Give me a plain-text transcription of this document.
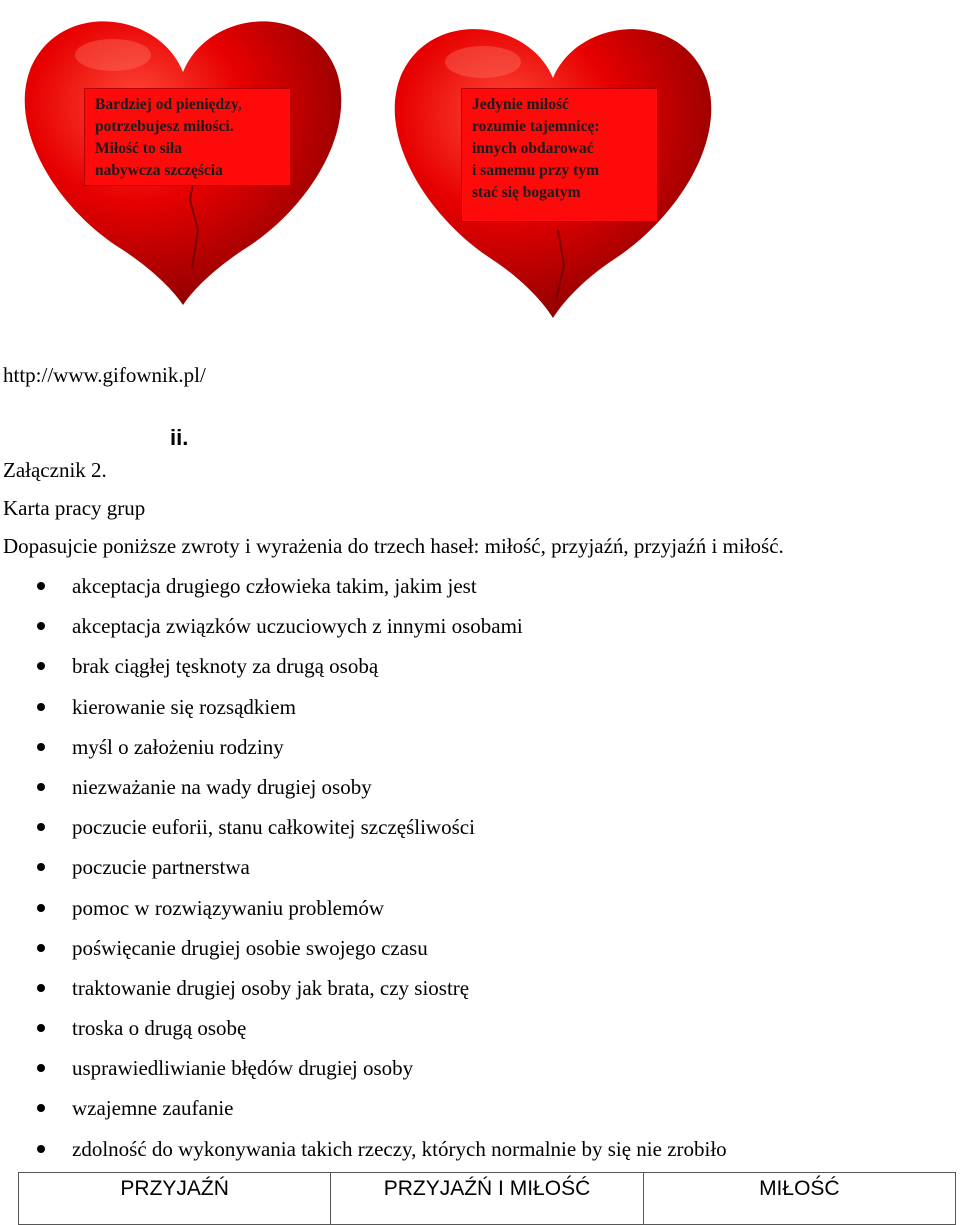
Bardziej od pieniędzy,
potrzebujesz miłości.
Miłość to siła
nabywcza szczęścia
Jedynie miłość
rozumie tajemnicę:
innych obdarować
i samemu przy tym
stać się bogatym
http://www.gifownik.pl/
ii.
Załącznik 2.
Karta pracy grup
Dopasujcie poniższe zwroty i wyrażenia do trzech haseł: miłość, przyjaźń, przyjaźń i miłość.
akceptacja drugiego człowieka takim, jakim jest
akceptacja związków uczuciowych z innymi osobami
brak ciągłej tęsknoty za drugą osobą
kierowanie się rozsądkiem
myśl o założeniu rodziny
niezważanie na wady drugiej osoby
poczucie euforii, stanu całkowitej szczęśliwości
poczucie partnerstwa
pomoc w rozwiązywaniu problemów
poświęcanie drugiej osobie swojego czasu
traktowanie drugiej osoby jak brata, czy siostrę
troska o drugą osobę
usprawiedliwianie błędów drugiej osoby
wzajemne zaufanie
zdolność do wykonywania takich rzeczy, których normalnie by się nie zrobiło
PRZYJAŹŃ	PRZYJAŹŃ I MIŁOŚĆ	MIŁOŚĆ
